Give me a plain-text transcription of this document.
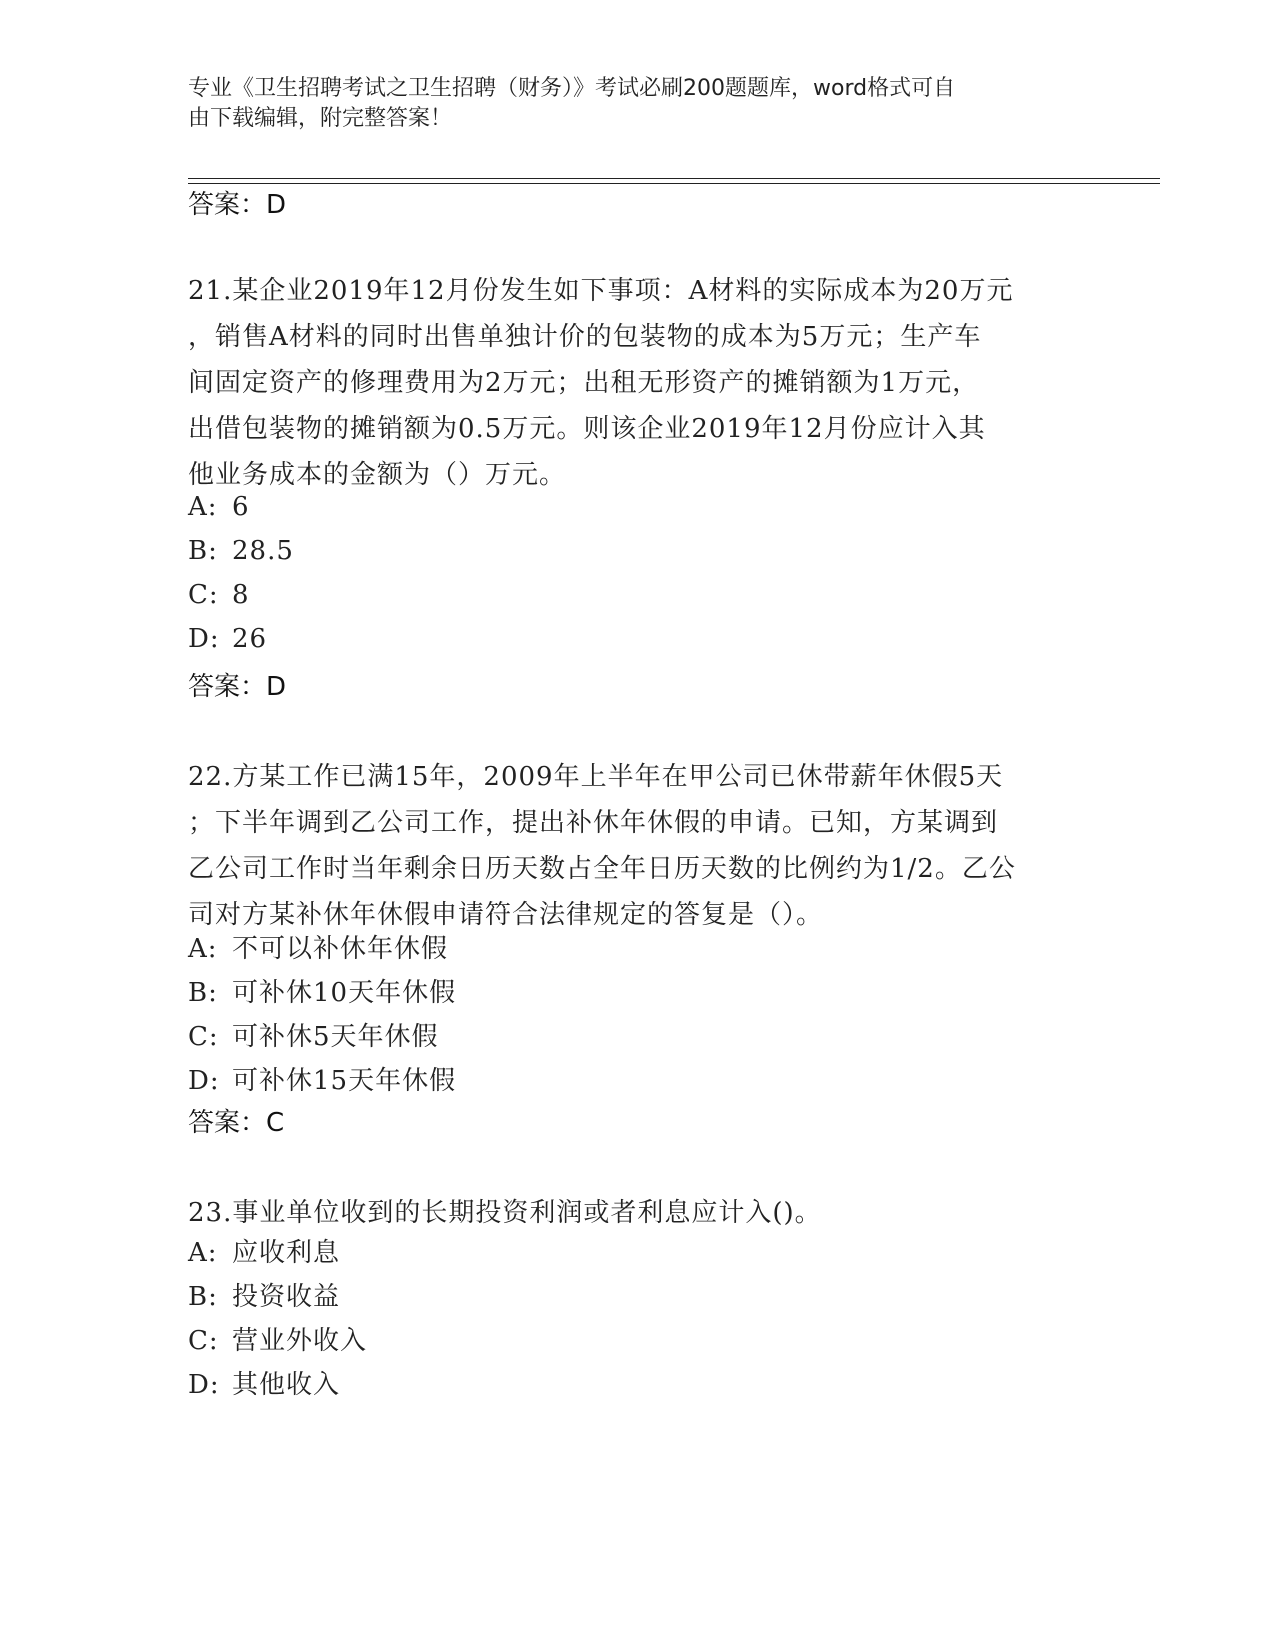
专业《卫生招聘考试之卫生招聘（财务）》考试必刷200题题库，word格式可自
由下载编辑，附完整答案！
答案：D
21.某企业2019年12月份发生如下事项：A材料的实际成本为20万元
，销售A材料的同时出售单独计价的包装物的成本为5万元；生产车
间固定资产的修理费用为2万元；出租无形资产的摊销额为1万元，
出借包装物的摊销额为0.5万元。则该企业2019年12月份应计入其
他业务成本的金额为（）万元。
A: 6
B: 28.5
C: 8
D: 26
答案：D
22.方某工作已满15年，2009年上半年在甲公司已休带薪年休假5天
；下半年调到乙公司工作，提出补休年休假的申请。已知，方某调到
乙公司工作时当年剩余日历天数占全年日历天数的比例约为1/2。乙公
司对方某补休年休假申请符合法律规定的答复是（）。
A: 不可以补休年休假
B: 可补休10天年休假
C: 可补休5天年休假
D: 可补休15天年休假
答案：C
23.事业单位收到的长期投资利润或者利息应计入()。
A: 应收利息
B: 投资收益
C: 营业外收入
D: 其他收入
